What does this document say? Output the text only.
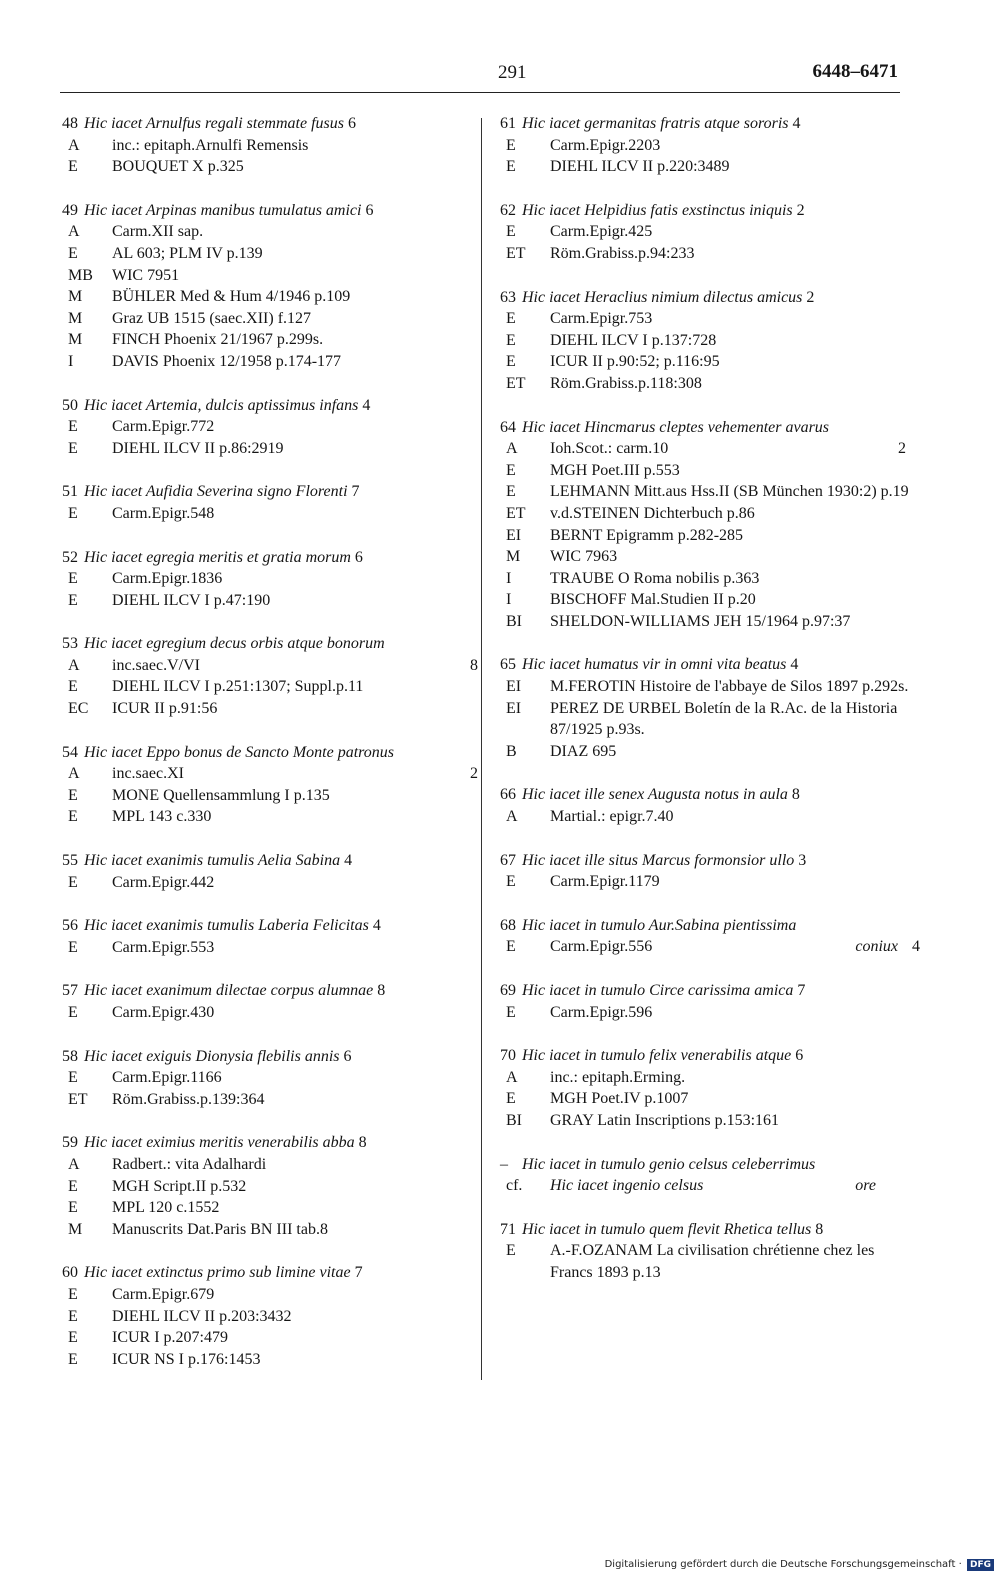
291	6448–6471
48 Hic iacet Arnulfus regali stemmate fusus 6
A	inc.: epitaph.Arnulfi Remensis
E	BOUQUET X p.325
49 Hic iacet Arpinas manibus tumulatus amici 6
A	Carm.XII sap.
E	AL 603; PLM IV p.139
MB	WIC 7951
M	BÜHLER Med & Hum 4/1946 p.109
M	Graz UB 1515 (saec.XII) f.127
M	FINCH Phoenix 21/1967 p.299s.
I	DAVIS Phoenix 12/1958 p.174-177
50 Hic iacet Artemia, dulcis aptissimus infans 4
E	Carm.Epigr.772
E	DIEHL ILCV II p.86:2919
51 Hic iacet Aufidia Severina signo Florenti 7
E	Carm.Epigr.548
52 Hic iacet egregia meritis et gratia morum 6
E	Carm.Epigr.1836
E	DIEHL ILCV I p.47:190
53 Hic iacet egregium decus orbis atque bonorum
A	inc.saec.V/VI	8
E	DIEHL ILCV I p.251:1307; Suppl.p.11
EC	ICUR II p.91:56
54 Hic iacet Eppo bonus de Sancto Monte patronus
A	inc.saec.XI	2
E	MONE Quellensammlung I p.135
E	MPL 143 c.330
55 Hic iacet exanimis tumulis Aelia Sabina 4
E	Carm.Epigr.442
56 Hic iacet exanimis tumulis Laberia Felicitas 4
E	Carm.Epigr.553
57 Hic iacet exanimum dilectae corpus alumnae 8
E	Carm.Epigr.430
58 Hic iacet exiguis Dionysia flebilis annis 6
E	Carm.Epigr.1166
ET	Röm.Grabiss.p.139:364
59 Hic iacet eximius meritis venerabilis abba 8
A	Radbert.: vita Adalhardi
E	MGH Script.II p.532
E	MPL 120 c.1552
M	Manuscrits Dat.Paris BN III tab.8
60 Hic iacet extinctus primo sub limine vitae 7
E	Carm.Epigr.679
E	DIEHL ILCV II p.203:3432
E	ICUR I p.207:479
E	ICUR NS I p.176:1453
61 Hic iacet germanitas fratris atque sororis 4
E	Carm.Epigr.2203
E	DIEHL ILCV II p.220:3489
62 Hic iacet Helpidius fatis exstinctus iniquis 2
E	Carm.Epigr.425
ET	Röm.Grabiss.p.94:233
63 Hic iacet Heraclius nimium dilectus amicus 2
E	Carm.Epigr.753
E	DIEHL ILCV I p.137:728
E	ICUR II p.90:52; p.116:95
ET	Röm.Grabiss.p.118:308
64 Hic iacet Hincmarus cleptes vehementer avarus
A	Ioh.Scot.: carm.10	2
E	MGH Poet.III p.553
E	LEHMANN Mitt.aus Hss.II (SB München 1930:2) p.19
ET	v.d.STEINEN Dichterbuch p.86
EI	BERNT Epigramm p.282-285
M	WIC 7963
I	TRAUBE O Roma nobilis p.363
I	BISCHOFF Mal.Studien II p.20
BI	SHELDON-WILLIAMS JEH 15/1964 p.97:37
65 Hic iacet humatus vir in omni vita beatus 4
EI	M.FEROTIN Histoire de l'abbaye de Silos 1897 p.292s.
EI	PEREZ DE URBEL Boletín de la R.Ac. de la Historia 87/1925 p.93s.
B	DIAZ 695
66 Hic iacet ille senex Augusta notus in aula 8
A	Martial.: epigr.7.40
67 Hic iacet ille situs Marcus formonsior ullo 3
E	Carm.Epigr.1179
68 Hic iacet in tumulo Aur.Sabina pientissima
E	Carm.Epigr.556	4
coniux
69 Hic iacet in tumulo Circe carissima amica 7
E	Carm.Epigr.596
70 Hic iacet in tumulo felix venerabilis atque 6
A	inc.: epitaph.Erming.
E	MGH Poet.IV p.1007
BI	GRAY Latin Inscriptions p.153:161
– Hic iacet in tumulo genio celsus celeberrimus
cf.	Hic iacet ingenio celsus	ore
71 Hic iacet in tumulo quem flevit Rhetica tellus 8
E	A.-F.OZANAM La civilisation chrétienne chez les Francs 1893 p.13
Digitalisierung gefördert durch die Deutsche Forschungsgemeinschaft · DFG
